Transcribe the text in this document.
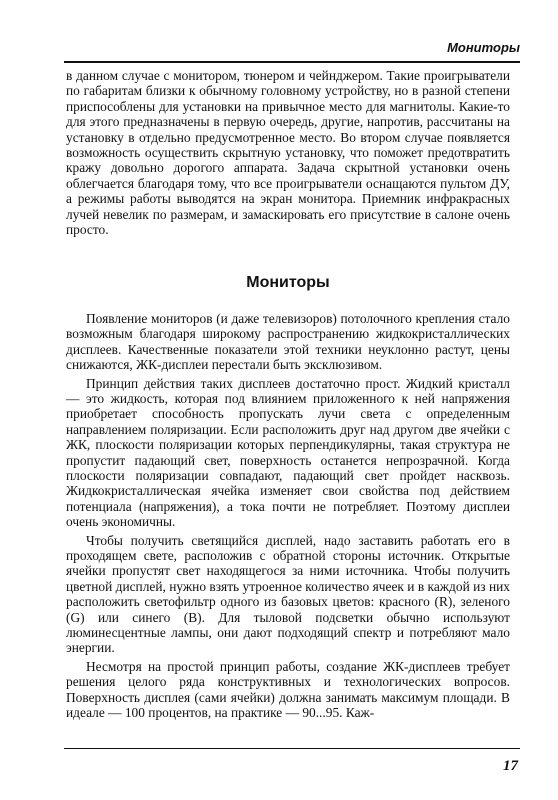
Мониторы

в данном случае с монитором, тюнером и чейнджером. Такие проигрыватели по габаритам близки к обычному головному устройству, но в разной степени приспособлены для установки на привычное место для магнитолы. Какие-то для этого предназначены в первую очередь, другие, напротив, рассчитаны на установку в отдельно предусмотренное место. Во втором случае появляется возможность осуществить скрытную установку, что поможет предотвратить кражу довольно дорогого аппарата. Задача скрытной установки очень облегчается благодаря тому, что все проигрыватели оснащаются пультом ДУ, а режимы работы выводятся на экран монитора. Приемник инфракрасных лучей невелик по размерам, и замаскировать его присутствие в салоне очень просто.

Мониторы

Появление мониторов (и даже телевизоров) потолочного крепления стало возможным благодаря широкому распространению жидкокристаллических дисплеев. Качественные показатели этой техники неуклонно растут, цены снижаются, ЖК-дисплеи перестали быть эксклюзивом.

Принцип действия таких дисплеев достаточно прост. Жидкий кристалл — это жидкость, которая под влиянием приложенного к ней напряжения приобретает способность пропускать лучи света с определенным направлением поляризации. Если расположить друг над другом две ячейки с ЖК, плоскости поляризации которых перпендикулярны, такая структура не пропустит падающий свет, поверхность останется непрозрачной. Когда плоскости поляризации совпадают, падающий свет пройдет насквозь. Жидкокристаллическая ячейка изменяет свои свойства под действием потенциала (напряжения), а тока почти не потребляет. Поэтому дисплеи очень экономичны.

Чтобы получить светящийся дисплей, надо заставить работать его в проходящем свете, расположив с обратной стороны источник. Открытые ячейки пропустят свет находящегося за ними источника. Чтобы получить цветной дисплей, нужно взять утроенное количество ячеек и в каждой из них расположить светофильтр одного из базовых цветов: красного (R), зеленого (G) или синего (B). Для тыловой подсветки обычно используют люминесцентные лампы, они дают подходящий спектр и потребляют мало энергии.

Несмотря на простой принцип работы, создание ЖК-дисплеев требует решения целого ряда конструктивных и технологических вопросов. Поверхность дисплея (сами ячейки) должна занимать максимум площади. В идеале — 100 процентов, на практике — 90...95. Каж-

17
